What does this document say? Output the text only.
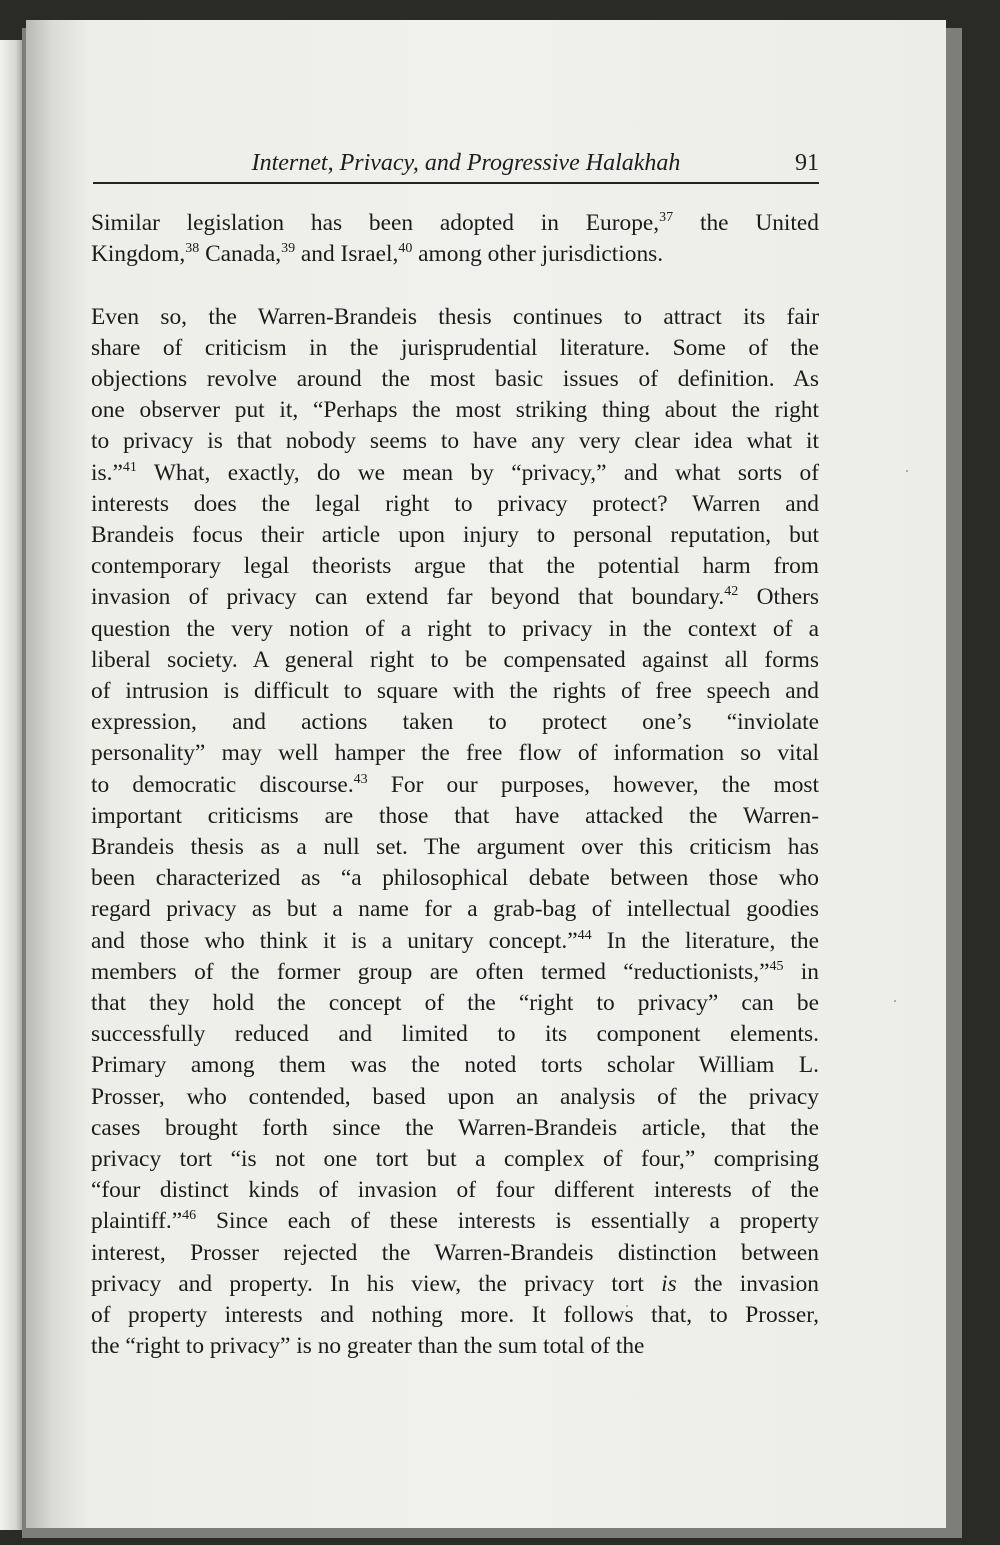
Internet, Privacy, and Progressive Halakhah	91
Similar legislation has been adopted in Europe,$^{37}$ the United
Kingdom,$^{38}$ Canada,$^{39}$ and Israel,$^{40}$ among other jurisdictions.
Even so, the Warren-Brandeis thesis continues to attract its fair
share of criticism in the jurisprudential literature. Some of the
objections revolve around the most basic issues of definition. As
one observer put it, “Perhaps the most striking thing about the right
to privacy is that nobody seems to have any very clear idea what it
is.”$^{41}$ What, exactly, do we mean by “privacy,” and what sorts of
interests does the legal right to privacy protect? Warren and
Brandeis focus their article upon injury to personal reputation, but
contemporary legal theorists argue that the potential harm from
invasion of privacy can extend far beyond that boundary.$^{42}$ Others
question the very notion of a right to privacy in the context of a
liberal society. A general right to be compensated against all forms
of intrusion is difficult to square with the rights of free speech and
expression, and actions taken to protect one’s “inviolate
personality” may well hamper the free flow of information so vital
to democratic discourse.$^{43}$ For our purposes, however, the most
important criticisms are those that have attacked the Warren-
Brandeis thesis as a null set. The argument over this criticism has
been characterized as “a philosophical debate between those who
regard privacy as but a name for a grab-bag of intellectual goodies
and those who think it is a unitary concept.”$^{44}$ In the literature, the
members of the former group are often termed “reductionists,”$^{45}$ in
that they hold the concept of the “right to privacy” can be
successfully reduced and limited to its component elements.
Primary among them was the noted torts scholar William L.
Prosser, who contended, based upon an analysis of the privacy
cases brought forth since the Warren-Brandeis article, that the
privacy tort “is not one tort but a complex of four,” comprising
“four distinct kinds of invasion of four different interests of the
plaintiff.”$^{46}$ Since each of these interests is essentially a property
interest, Prosser rejected the Warren-Brandeis distinction between
privacy and property. In his view, the privacy tort is the invasion
of property interests and nothing more. It follows that, to Prosser,
the “right to privacy” is no greater than the sum total of the
